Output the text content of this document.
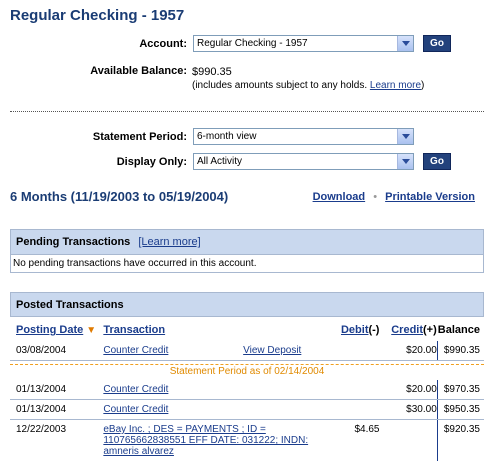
Regular Checking - 1957
Account:	Regular Checking - 1957	Go
Available Balance: $990.35
(includes amounts subject to any holds. Learn more)
Statement Period:	6-month view
Display Only:	All Activity	Go
6 Months (11/19/2003 to 05/19/2004)	Download • Printable Version
Pending Transactions [Learn more]
No pending transactions have occurred in this account.
Posted Transactions
Posting Date ▼	Transaction	Debit(-)	Credit(+)	Balance
03/08/2004	Counter Credit View Deposit		$20.00	$990.35

Statement Period as of 02/14/2004				

01/13/2004	Counter Credit		$20.00	$970.35
01/13/2004	Counter Credit		$30.00	$950.35
12/22/2003	eBay Inc. ; DES = PAYMENTS ; ID = 110765662838551 EFF DATE: 031222; INDN: amneris alvarez	$4.65		$920.35
